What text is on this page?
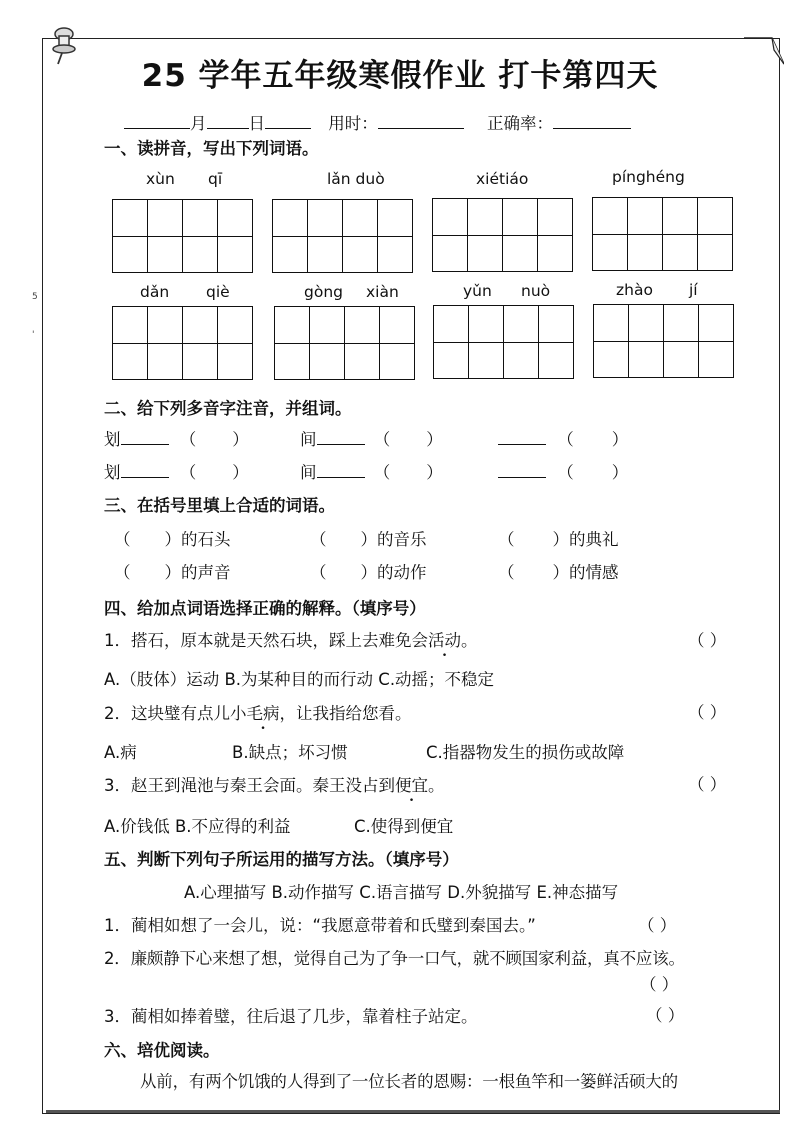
5
'
25 学年五年级寒假作业 打卡第四天
月	日	用时：	正确率：
一、读拼音，写出下列词语。
xùn qī	lǎn duò	xiétiáo	pínghéng
dǎn qiè	gòng xiàn	yǔn nuò	zhào jí
二、给下列多音字注音，并组词。
划	（ ）	间	（ ）	（ ）
划	（ ）	间	（ ）	（ ）
三、在括号里填上合适的词语。
（ ）的石头	（ ）的音乐	（ ）的典礼
（ ）的声音	（ ）的动作	（ ）的情感
四、给加点词语选择正确的解释。（填序号）
1．搭石，原本就是天然石块，踩上去难免会活动。	（ ）
A.（肢体）运动 B.为某种目的而行动 C.动摇；不稳定
2．这块璧有点儿小毛病，让我指给您看。	（ ）
A.病	B.缺点；坏习惯	C.指器物发生的损伤或故障
3．赵王到渑池与秦王会面。秦王没占到便宜。	（ ）
A.价钱低 B.不应得的利益	C.使得到便宜
五、判断下列句子所运用的描写方法。（填序号）
A.心理描写 B.动作描写 C.语言描写 D.外貌描写 E.神态描写
1．蔺相如想了一会儿，说：“我愿意带着和氏璧到秦国去。”	（ ）
2．廉颇静下心来想了想，觉得自己为了争一口气，就不顾国家利益，真不应该。
（ ）
3．蔺相如捧着璧，往后退了几步，靠着柱子站定。	（ ）
六、培优阅读。
从前，有两个饥饿的人得到了一位长者的恩赐：一根鱼竿和一篓鲜活硕大的
